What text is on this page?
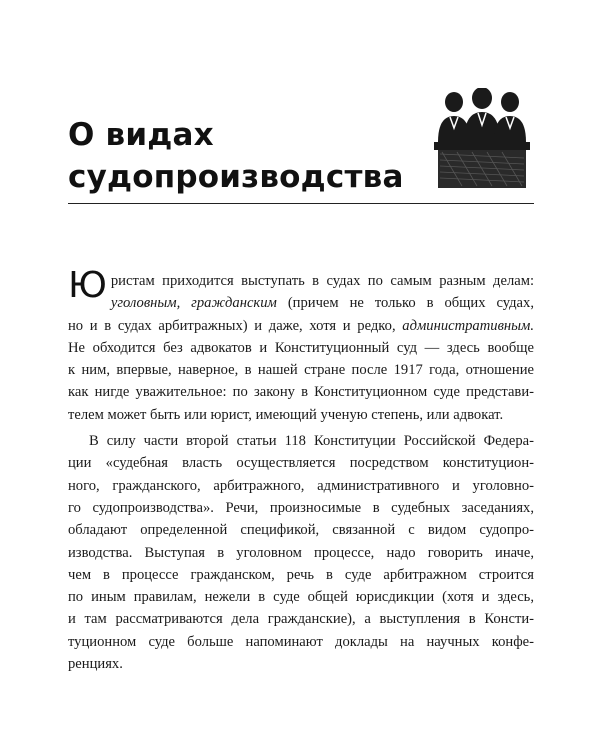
О видах
судопроизводства
Ю ристам приходится выступать в судах по самым разным делам:
уголовным, гражданским (причем не только в общих судах,
но и в судах арбитражных) и даже, хотя и редко, административным.
Не обходится без адвокатов и Конституционный суд — здесь вообще
к ним, впервые, наверное, в нашей стране после 1917 года, отношение
как нигде уважительное: по закону в Конституционном суде представи-
телем может быть или юрист, имеющий ученую степень, или адвокат.
В силу части второй статьи 118 Конституции Российской Федера-
ции «судебная власть осуществляется посредством конституцион-
ного, гражданского, арбитражного, административного и уголовно-
го судопроизводства». Речи, произносимые в судебных заседаниях,
обладают определенной спецификой, связанной с видом судопро-
изводства. Выступая в уголовном процессе, надо говорить иначе,
чем в процессе гражданском, речь в суде арбитражном строится
по иным правилам, нежели в суде общей юрисдикции (хотя и здесь,
и там рассматриваются дела гражданские), а выступления в Консти-
туционном суде больше напоминают доклады на научных конфе-
ренциях.
